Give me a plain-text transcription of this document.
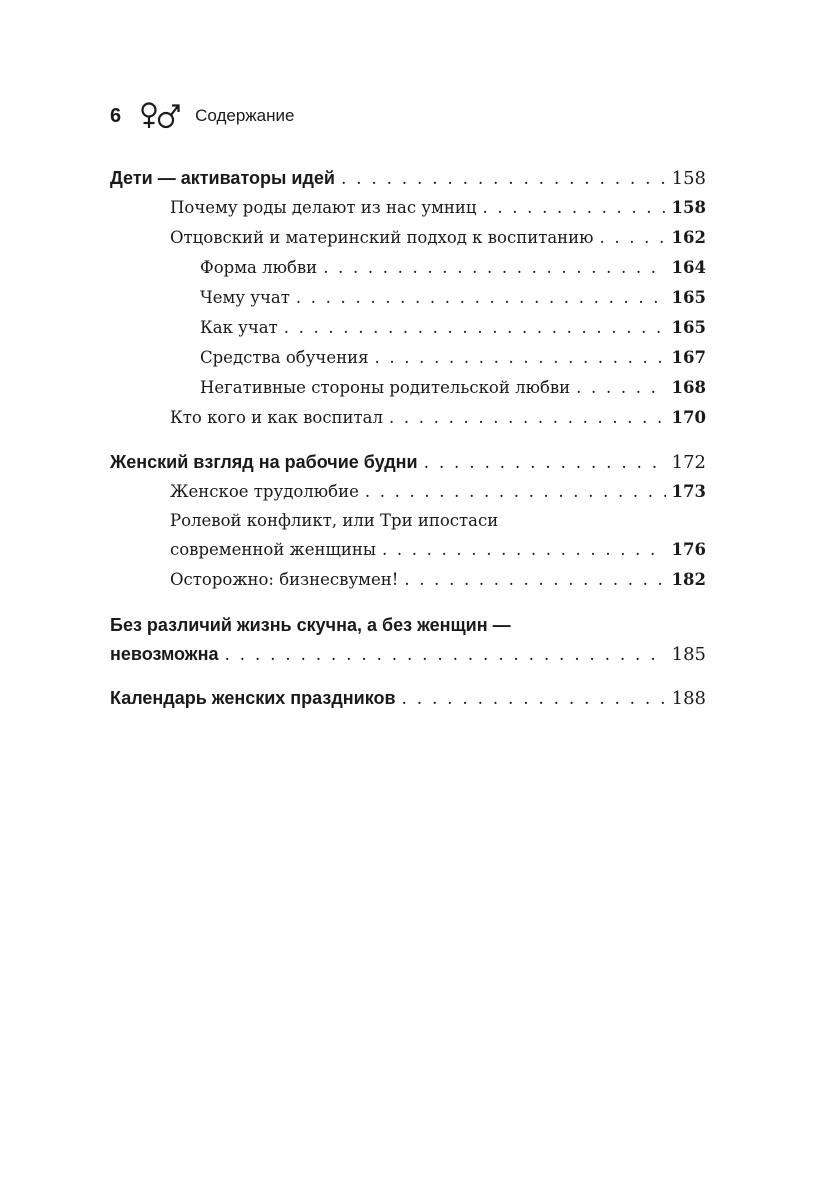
6	Содержание
Дети — активаторы идей . . .	158
Почему роды делают из нас умниц . . .	158
Отцовский и материнский подход к воспитанию . . .	162
Форма любви . . .	164
Чему учат . . .	165
Как учат . . .	165
Средства обучения . . .	167
Негативные стороны родительской любви . . .	168
Кто кого и как воспитал . . .	170
Женский взгляд на рабочие будни . . .	172
Женское трудолюбие . . .	173
Ролевой конфликт, или Три ипостаси
современной женщины . . .	176
Осторожно: бизнесвумен! . . .	182
Без различий жизнь скучна, а без женщин —
невозможна . . .	185
Календарь женских праздников . . .	188
